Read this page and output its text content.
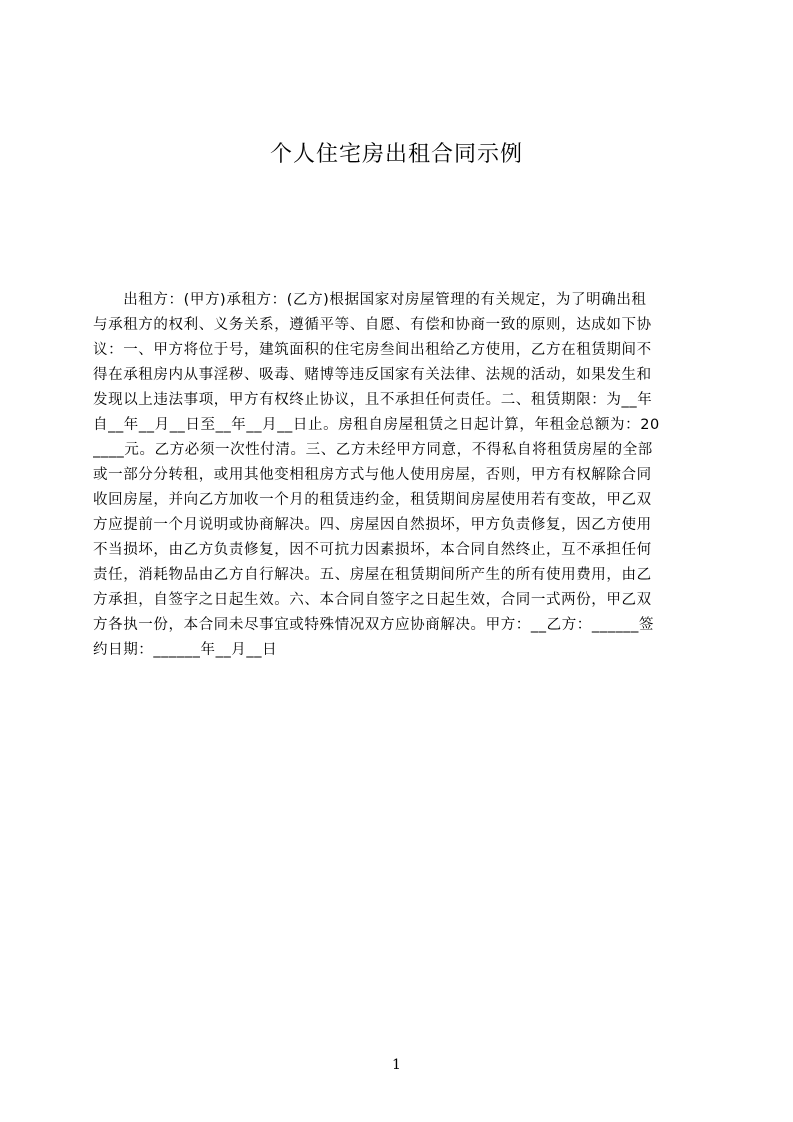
个人住宅房出租合同示例
　　出租方：(甲方)承租方：(乙方)根据国家对房屋管理的有关规定，为了明确出租
与承租方的权利、义务关系，遵循平等、自愿、有偿和协商一致的原则，达成如下协
议：一、甲方将位于号，建筑面积的住宅房叁间出租给乙方使用，乙方在租赁期间不
得在承租房内从事淫秽、吸毒、赌博等违反国家有关法律、法规的活动，如果发生和
发现以上违法事项，甲方有权终止协议，且不承担任何责任。二、租赁期限：为__年
自__年__月__日至__年__月__日止。房租自房屋租赁之日起计算，年租金总额为：20
____元。乙方必须一次性付清。三、乙方未经甲方同意，不得私自将租赁房屋的全部
或一部分分转租，或用其他变相租房方式与他人使用房屋，否则，甲方有权解除合同
收回房屋，并向乙方加收一个月的租赁违约金，租赁期间房屋使用若有变故，甲乙双
方应提前一个月说明或协商解决。四、房屋因自然损坏，甲方负责修复，因乙方使用
不当损坏，由乙方负责修复，因不可抗力因素损坏，本合同自然终止，互不承担任何
责任，消耗物品由乙方自行解决。五、房屋在租赁期间所产生的所有使用费用，由乙
方承担，自签字之日起生效。六、本合同自签字之日起生效，合同一式两份，甲乙双
方各执一份，本合同未尽事宜或特殊情况双方应协商解决。甲方：__乙方：______签
约日期：______年__月__日
1
